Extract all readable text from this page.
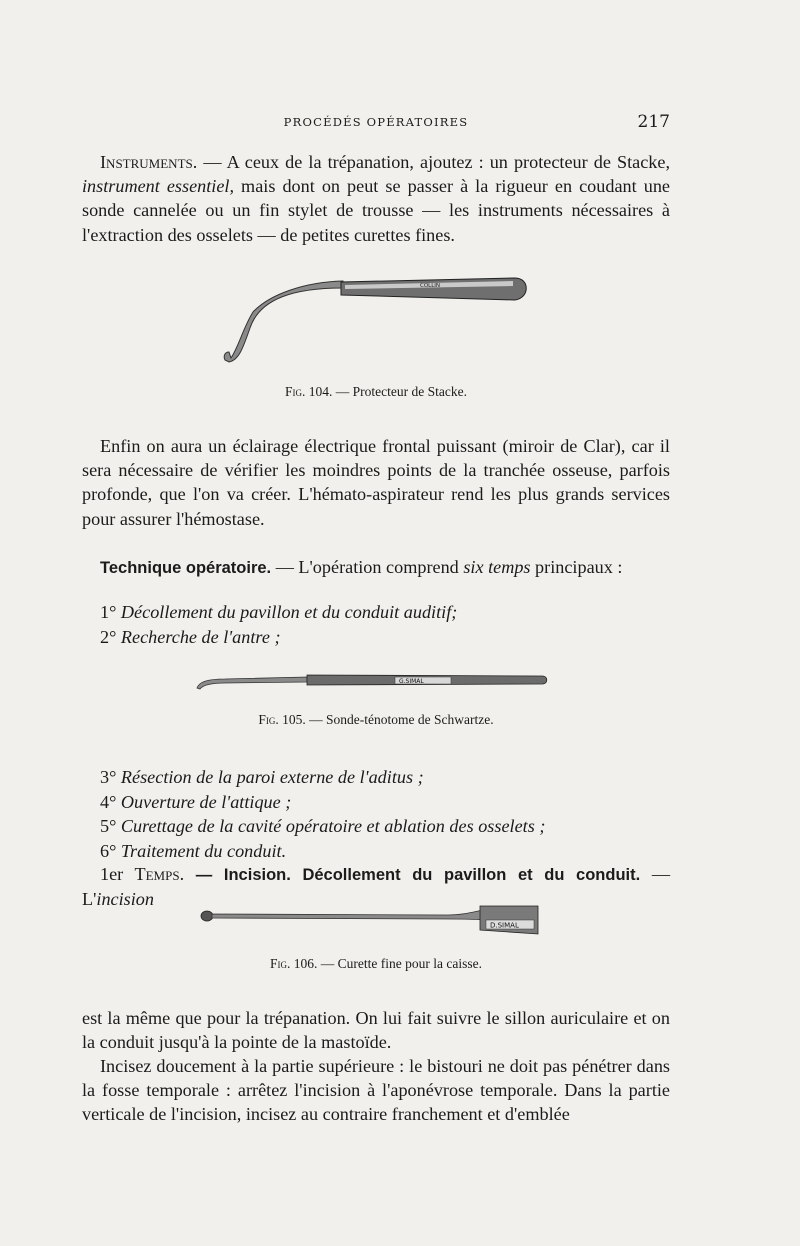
PROCÉDÉS OPÉRATOIRES	217

Instruments. — A ceux de la trépanation, ajoutez : un protecteur de Stacke, instrument essentiel, mais dont on peut se passer à la rigueur en coudant une sonde cannelée ou un fin stylet de trousse — les instruments nécessaires à l'extraction des osselets — de petites curettes fines.

COLLIN
Fig. 104. — Protecteur de Stacke.

Enfin on aura un éclairage électrique frontal puissant (miroir de Clar), car il sera nécessaire de vérifier les moindres points de la tranchée osseuse, parfois profonde, que l'on va créer. L'hémato-aspirateur rend les plus grands services pour assurer l'hémostase.

Technique opératoire. — L'opération comprend six temps principaux :

1° Décollement du pavillon et du conduit auditif;
2° Recherche de l'antre ;
G.SIMAL
Fig. 105. — Sonde-ténotome de Schwartze.
3° Résection de la paroi externe de l'aditus ;
4° Ouverture de l'attique ;
5° Curettage de la cavité opératoire et ablation des osselets ;
6° Traitement du conduit.

1er Temps. — Incision. Décollement du pavillon et du conduit. — L'incision

D.SIMAL
Fig. 106. — Curette fine pour la caisse.

est la même que pour la trépanation. On lui fait suivre le sillon auriculaire et on la conduit jusqu'à la pointe de la mastoïde.

Incisez doucement à la partie supérieure : le bistouri ne doit pas pénétrer dans la fosse temporale : arrêtez l'incision à l'aponévrose temporale. Dans la partie verticale de l'incision, incisez au contraire franchement et d'emblée
